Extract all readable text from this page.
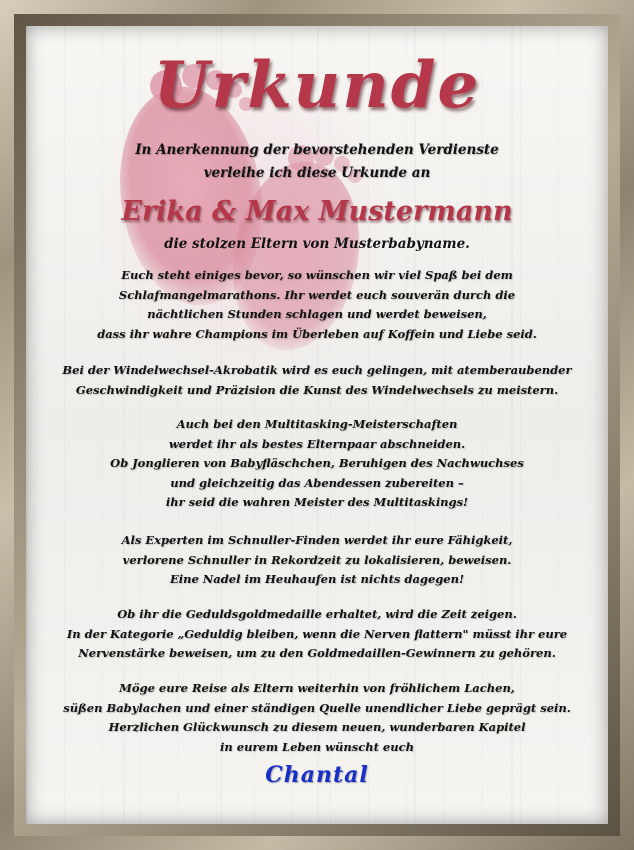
Urkunde
In Anerkennung der bevorstehenden Verdienste
verleihe ich diese Urkunde an
Erika & Max Mustermann
die stolzen Eltern von Musterbabyname.
Euch steht einiges bevor, so wünschen wir viel Spaß bei dem
Schlafmangelmarathons. Ihr werdet euch souverän durch die
nächtlichen Stunden schlagen und werdet beweisen,
dass ihr wahre Champions im Überleben auf Koffein und Liebe seid.
Bei der Windelwechsel-Akrobatik wird es euch gelingen, mit atemberaubender
Geschwindigkeit und Präzision die Kunst des Windelwechsels zu meistern.
Auch bei den Multitasking-Meisterschaften
werdet ihr als bestes Elternpaar abschneiden.
Ob Jonglieren von Babyfläschchen, Beruhigen des Nachwuchses
und gleichzeitig das Abendessen zubereiten –
ihr seid die wahren Meister des Multitaskings!
Als Experten im Schnuller-Finden werdet ihr eure Fähigkeit,
verlorene Schnuller in Rekordzeit zu lokalisieren, beweisen.
Eine Nadel im Heuhaufen ist nichts dagegen!
Ob ihr die Geduldsgoldmedaille erhaltet, wird die Zeit zeigen.
In der Kategorie „Geduldig bleiben, wenn die Nerven flattern" müsst ihr eure
Nervenstärke beweisen, um zu den Goldmedaillen-Gewinnern zu gehören.
Möge eure Reise als Eltern weiterhin von fröhlichem Lachen,
süßen Babylachen und einer ständigen Quelle unendlicher Liebe geprägt sein.
Herzlichen Glückwunsch zu diesem neuen, wunderbaren Kapitel
in eurem Leben wünscht euch
Chantal
